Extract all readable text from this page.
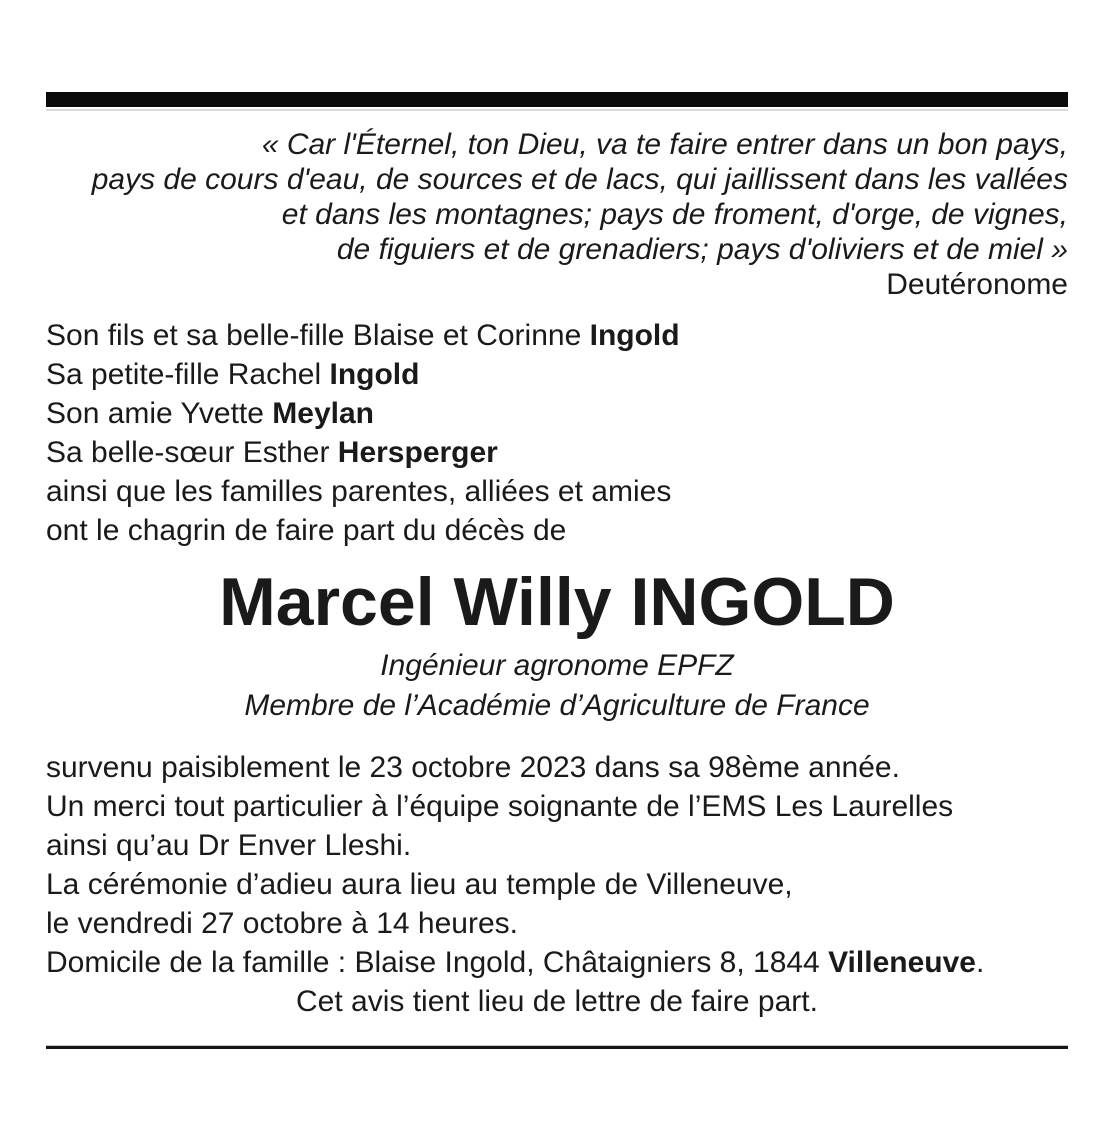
« Car l'Éternel, ton Dieu, va te faire entrer dans un bon pays,
pays de cours d'eau, de sources et de lacs, qui jaillissent dans les vallées
et dans les montagnes; pays de froment, d'orge, de vignes,
de figuiers et de grenadiers; pays d'oliviers et de miel »
Deutéronome
Son fils et sa belle-fille Blaise et Corinne Ingold
Sa petite-fille Rachel Ingold
Son amie Yvette Meylan
Sa belle-sœur Esther Hersperger
ainsi que les familles parentes, alliées et amies
ont le chagrin de faire part du décès de
Marcel Willy INGOLD
Ingénieur agronome EPFZ
Membre de l’Académie d’Agriculture de France
survenu paisiblement le 23 octobre 2023 dans sa 98ème année.
Un merci tout particulier à l’équipe soignante de l’EMS Les Laurelles
ainsi qu’au Dr Enver Lleshi.
La cérémonie d’adieu aura lieu au temple de Villeneuve,
le vendredi 27 octobre à 14 heures.
Domicile de la famille : Blaise Ingold, Châtaigniers 8, 1844 Villeneuve.
Cet avis tient lieu de lettre de faire part.
